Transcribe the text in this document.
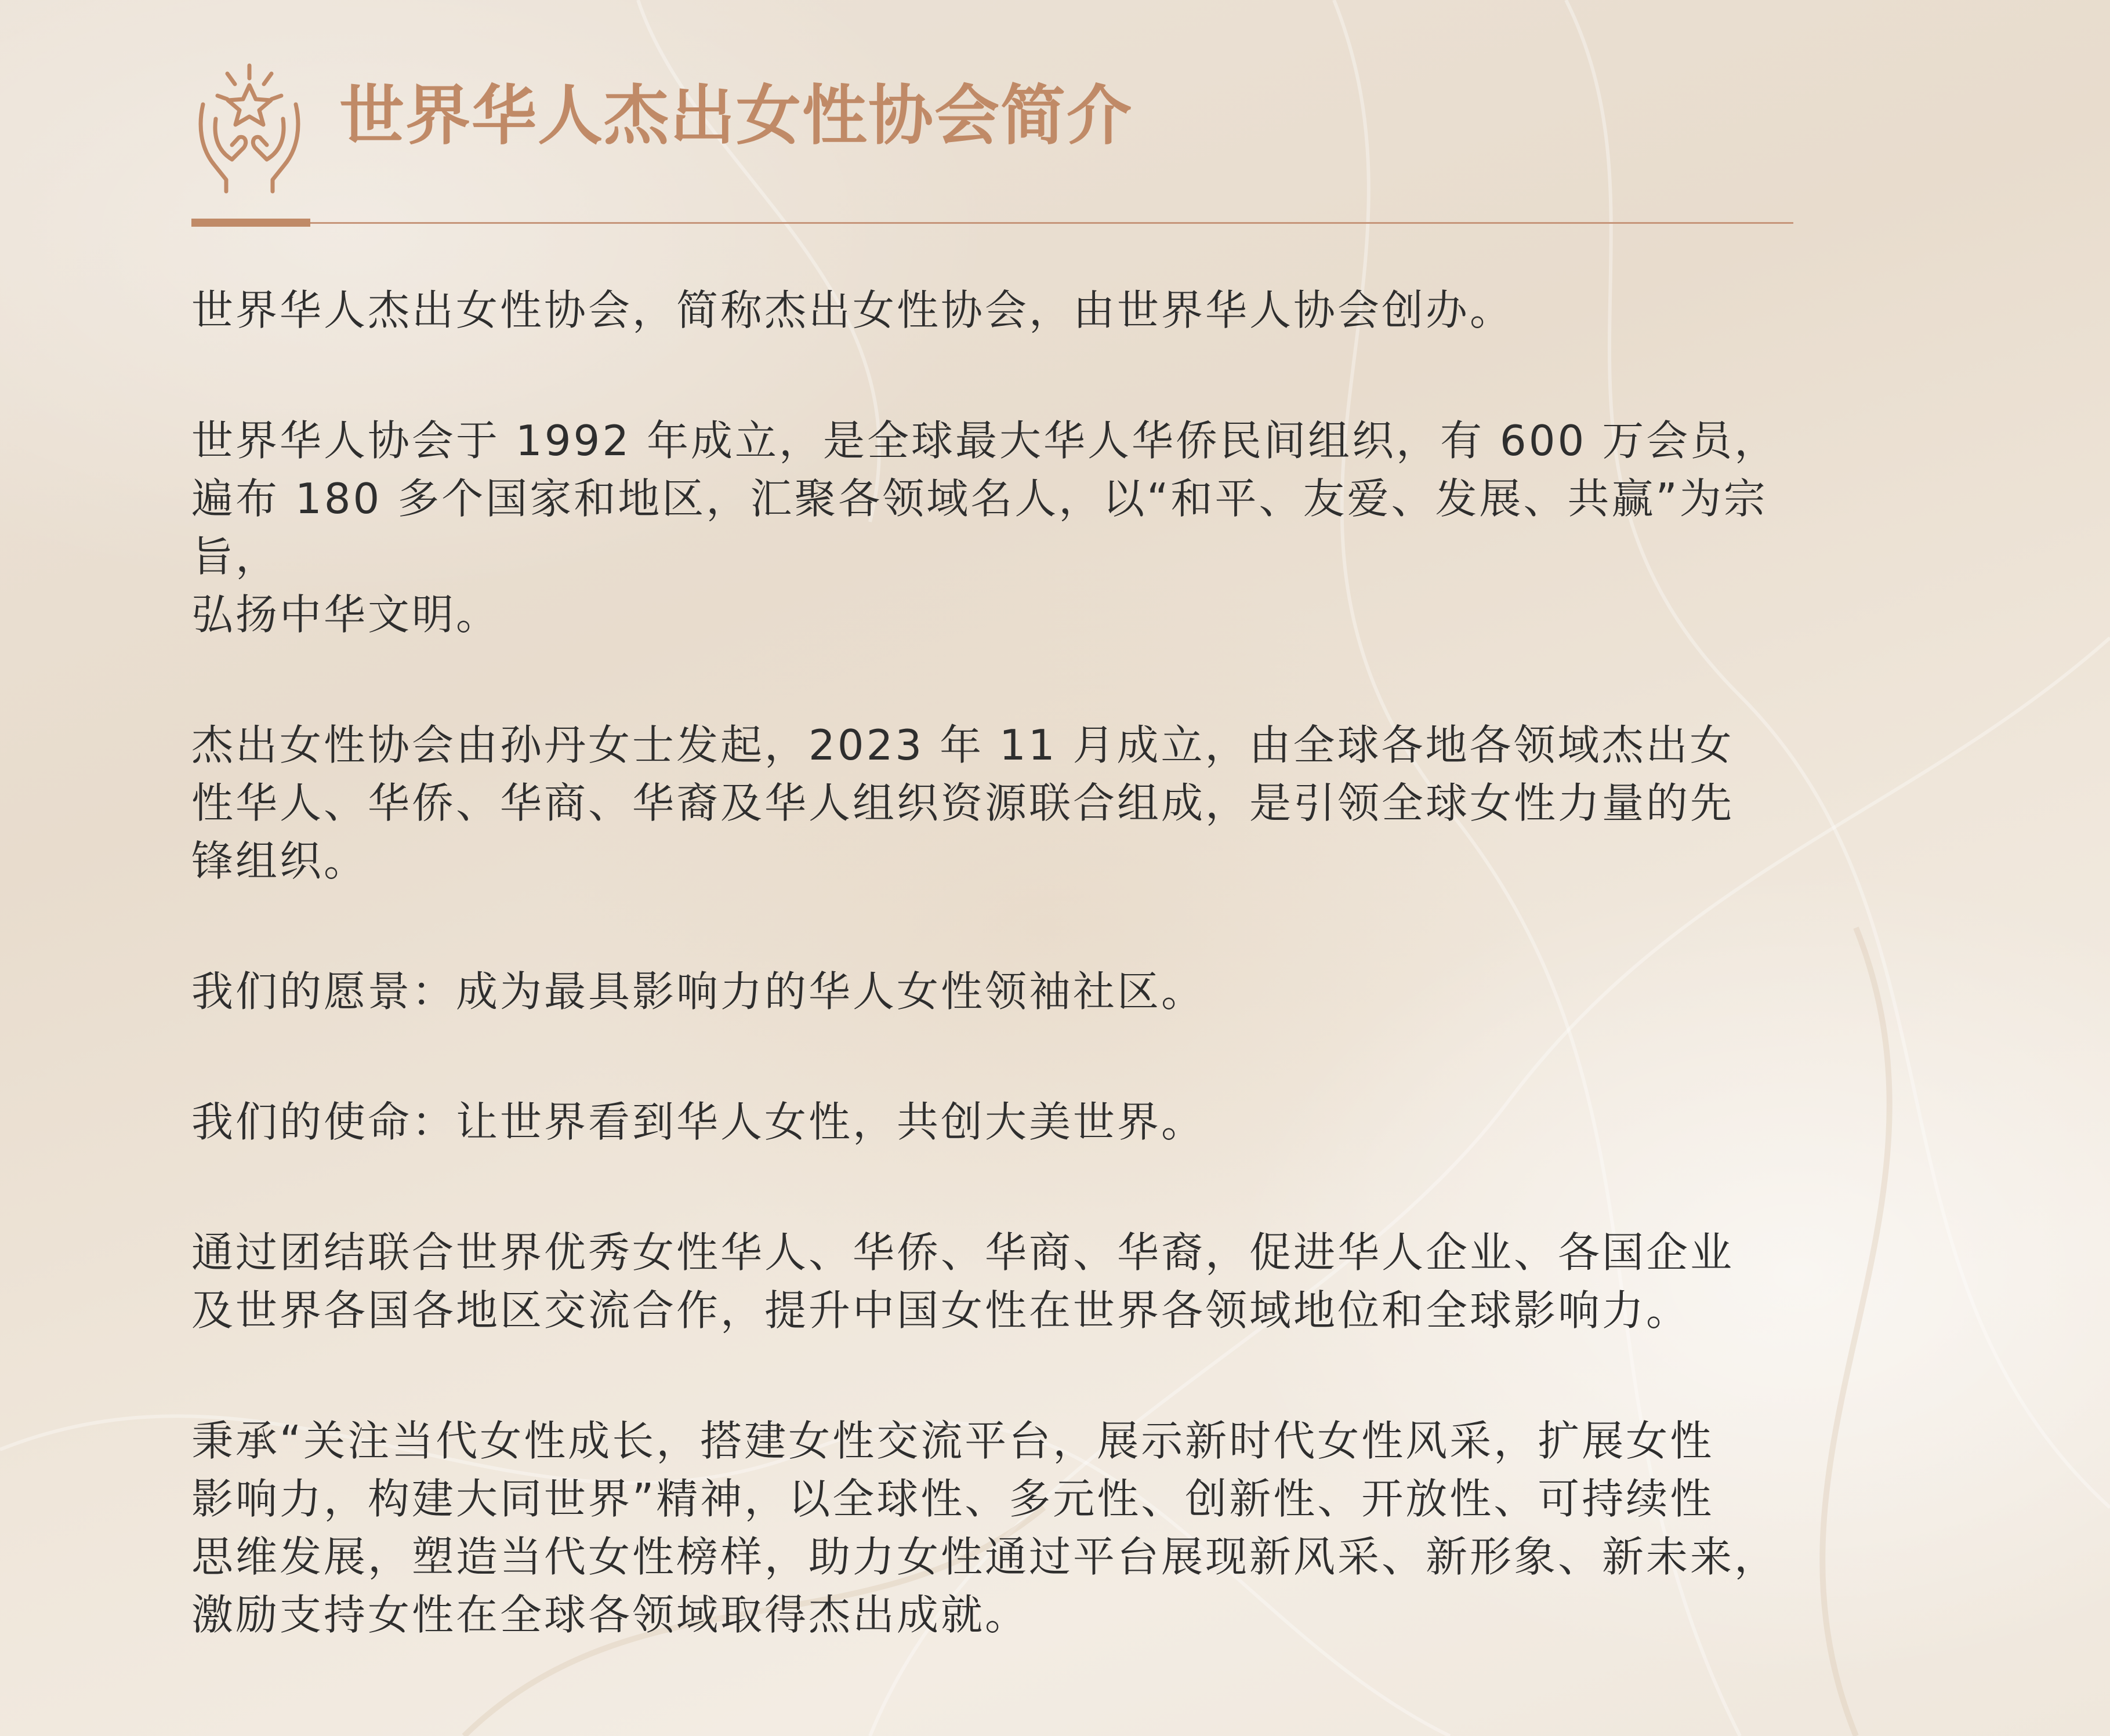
世界华人杰出女性协会简介

世界华人杰出女性协会，简称杰出女性协会，由世界华人协会创办。

世界华人协会于 1992 年成立，是全球最大华人华侨民间组织，有 600 万会员，
遍布 180 多个国家和地区，汇聚各领域名人，以“和平、友爱、发展、共赢”为宗旨，
弘扬中华文明。

杰出女性协会由孙丹女士发起，2023 年 11 月成立，由全球各地各领域杰出女
性华人、华侨、华商、华裔及华人组织资源联合组成，是引领全球女性力量的先
锋组织。

我们的愿景：成为最具影响力的华人女性领袖社区。

我们的使命：让世界看到华人女性，共创大美世界。

通过团结联合世界优秀女性华人、华侨、华商、华裔，促进华人企业、各国企业
及世界各国各地区交流合作，提升中国女性在世界各领域地位和全球影响力。

秉承“关注当代女性成长，搭建女性交流平台，展示新时代女性风采，扩展女性
影响力，构建大同世界”精神，以全球性、多元性、创新性、开放性、可持续性
思维发展，塑造当代女性榜样，助力女性通过平台展现新风采、新形象、新未来，
激励支持女性在全球各领域取得杰出成就。
